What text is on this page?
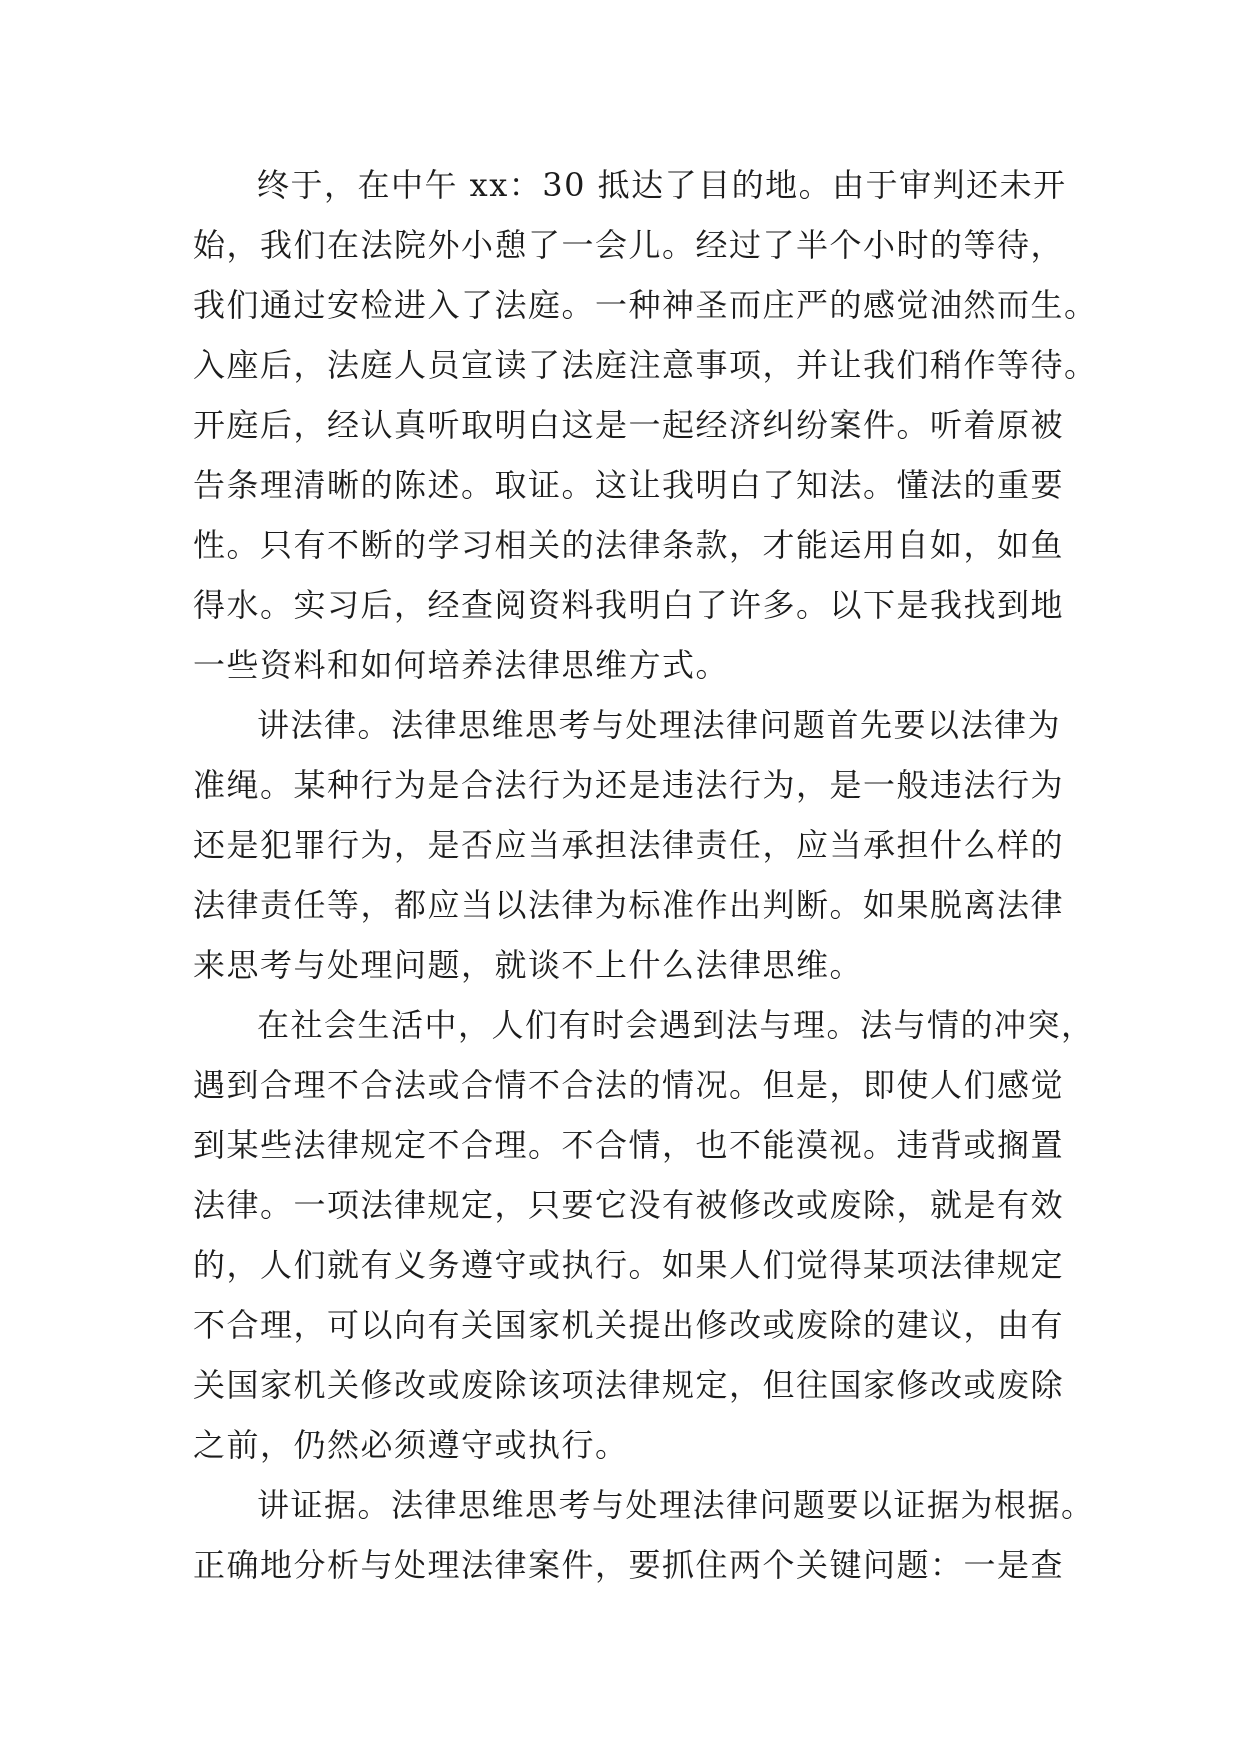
终于，在中午 xx：30 抵达了目的地。由于审判还未开
始，我们在法院外小憩了一会儿。经过了半个小时的等待，
我们通过安检进入了法庭。一种神圣而庄严的感觉油然而生。
入座后，法庭人员宣读了法庭注意事项，并让我们稍作等待。
开庭后，经认真听取明白这是一起经济纠纷案件。听着原被
告条理清晰的陈述。取证。这让我明白了知法。懂法的重要
性。只有不断的学习相关的法律条款，才能运用自如，如鱼
得水。实习后，经查阅资料我明白了许多。以下是我找到地
一些资料和如何培养法律思维方式。
讲法律。法律思维思考与处理法律问题首先要以法律为
准绳。某种行为是合法行为还是违法行为，是一般违法行为
还是犯罪行为，是否应当承担法律责任，应当承担什么样的
法律责任等，都应当以法律为标准作出判断。如果脱离法律
来思考与处理问题，就谈不上什么法律思维。
在社会生活中，人们有时会遇到法与理。法与情的冲突，
遇到合理不合法或合情不合法的情况。但是，即使人们感觉
到某些法律规定不合理。不合情，也不能漠视。违背或搁置
法律。一项法律规定，只要它没有被修改或废除，就是有效
的，人们就有义务遵守或执行。如果人们觉得某项法律规定
不合理，可以向有关国家机关提出修改或废除的建议，由有
关国家机关修改或废除该项法律规定，但往国家修改或废除
之前，仍然必须遵守或执行。
讲证据。法律思维思考与处理法律问题要以证据为根据。
正确地分析与处理法律案件，要抓住两个关键问题：一是查
